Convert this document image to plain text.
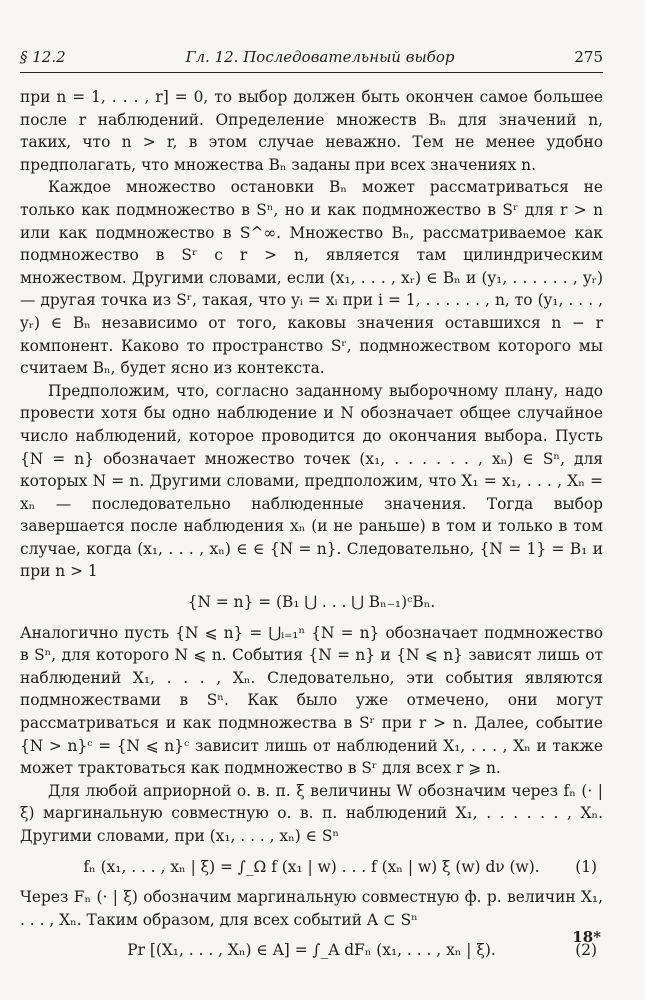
§ 12.2	Гл. 12. Последовательный выбор	275

при n = 1, . . . , r] = 0, то выбор должен быть окончен самое большее после r наблюдений. Определение множеств Bₙ для значений n, таких, что n > r, в этом случае неважно. Тем не менее удобно предполагать, что множества Bₙ заданы при всех значениях n.

Каждое множество остановки Bₙ может рассматриваться не только как подмножество в Sⁿ, но и как подмножество в Sʳ для r > n или как подмножество в S^∞. Множество Bₙ, рассматриваемое как подмножество в Sʳ с r > n, является там цилиндрическим множеством. Другими словами, если (x₁, . . . , xᵣ) ∈ Bₙ и (y₁, . . . . . . , yᵣ) — другая точка из Sʳ, такая, что yᵢ = xᵢ при i = 1, . . . . . . , n, то (y₁, . . . , yᵣ) ∈ Bₙ независимо от того, каковы значения оставшихся n − r компонент. Каково то пространство Sʳ, подмножеством которого мы считаем Bₙ, будет ясно из контекста.

Предположим, что, согласно заданному выборочному плану, надо провести хотя бы одно наблюдение и N обозначает общее случайное число наблюдений, которое проводится до окончания выбора. Пусть {N = n} обозначает множество точек (x₁, . . . . . . , xₙ) ∈ Sⁿ, для которых N = n. Другими словами, предположим, что X₁ = x₁, . . . , Xₙ = xₙ — последовательно наблюденные значения. Тогда выбор завершается после наблюдения xₙ (и не раньше) в том и только в том случае, когда (x₁, . . . , xₙ) ∈ ∈ {N = n}. Следовательно, {N = 1} = B₁ и при n > 1

{N = n} = (B₁ ⋃ . . . ⋃ Bₙ₋₁)ᶜBₙ.

Аналогично пусть {N ⩽ n} = ⋃ᵢ₌₁ⁿ {N = n} обозначает подмножество в Sⁿ, для которого N ⩽ n. События {N = n} и {N ⩽ n} зависят лишь от наблюдений X₁, . . . , Xₙ. Следовательно, эти события являются подмножествами в Sⁿ. Как было уже отмечено, они могут рассматриваться и как подмножества в Sʳ при r > n. Далее, событие {N > n}ᶜ = {N ⩽ n}ᶜ зависит лишь от наблюдений X₁, . . . , Xₙ и также может трактоваться как подмножество в Sʳ для всех r ⩾ n.

Для любой априорной о. в. п. ξ величины W обозначим через fₙ (· | ξ) маргинальную совместную о. в. п. наблюдений X₁, . . . . . . , Xₙ. Другими словами, при (x₁, . . . , xₙ) ∈ Sⁿ

fₙ (x₁, . . . , xₙ | ξ) = ∫_Ω f (x₁ | w) . . . f (xₙ | w) ξ (w) dν (w). (1)

Через Fₙ (· | ξ) обозначим маргинальную совместную ф. р. величин X₁, . . . , Xₙ. Таким образом, для всех событий A ⊂ Sⁿ

Pr [(X₁, . . . , Xₙ) ∈ A] = ∫_A dFₙ (x₁, . . . , xₙ | ξ).	(2)
18*
